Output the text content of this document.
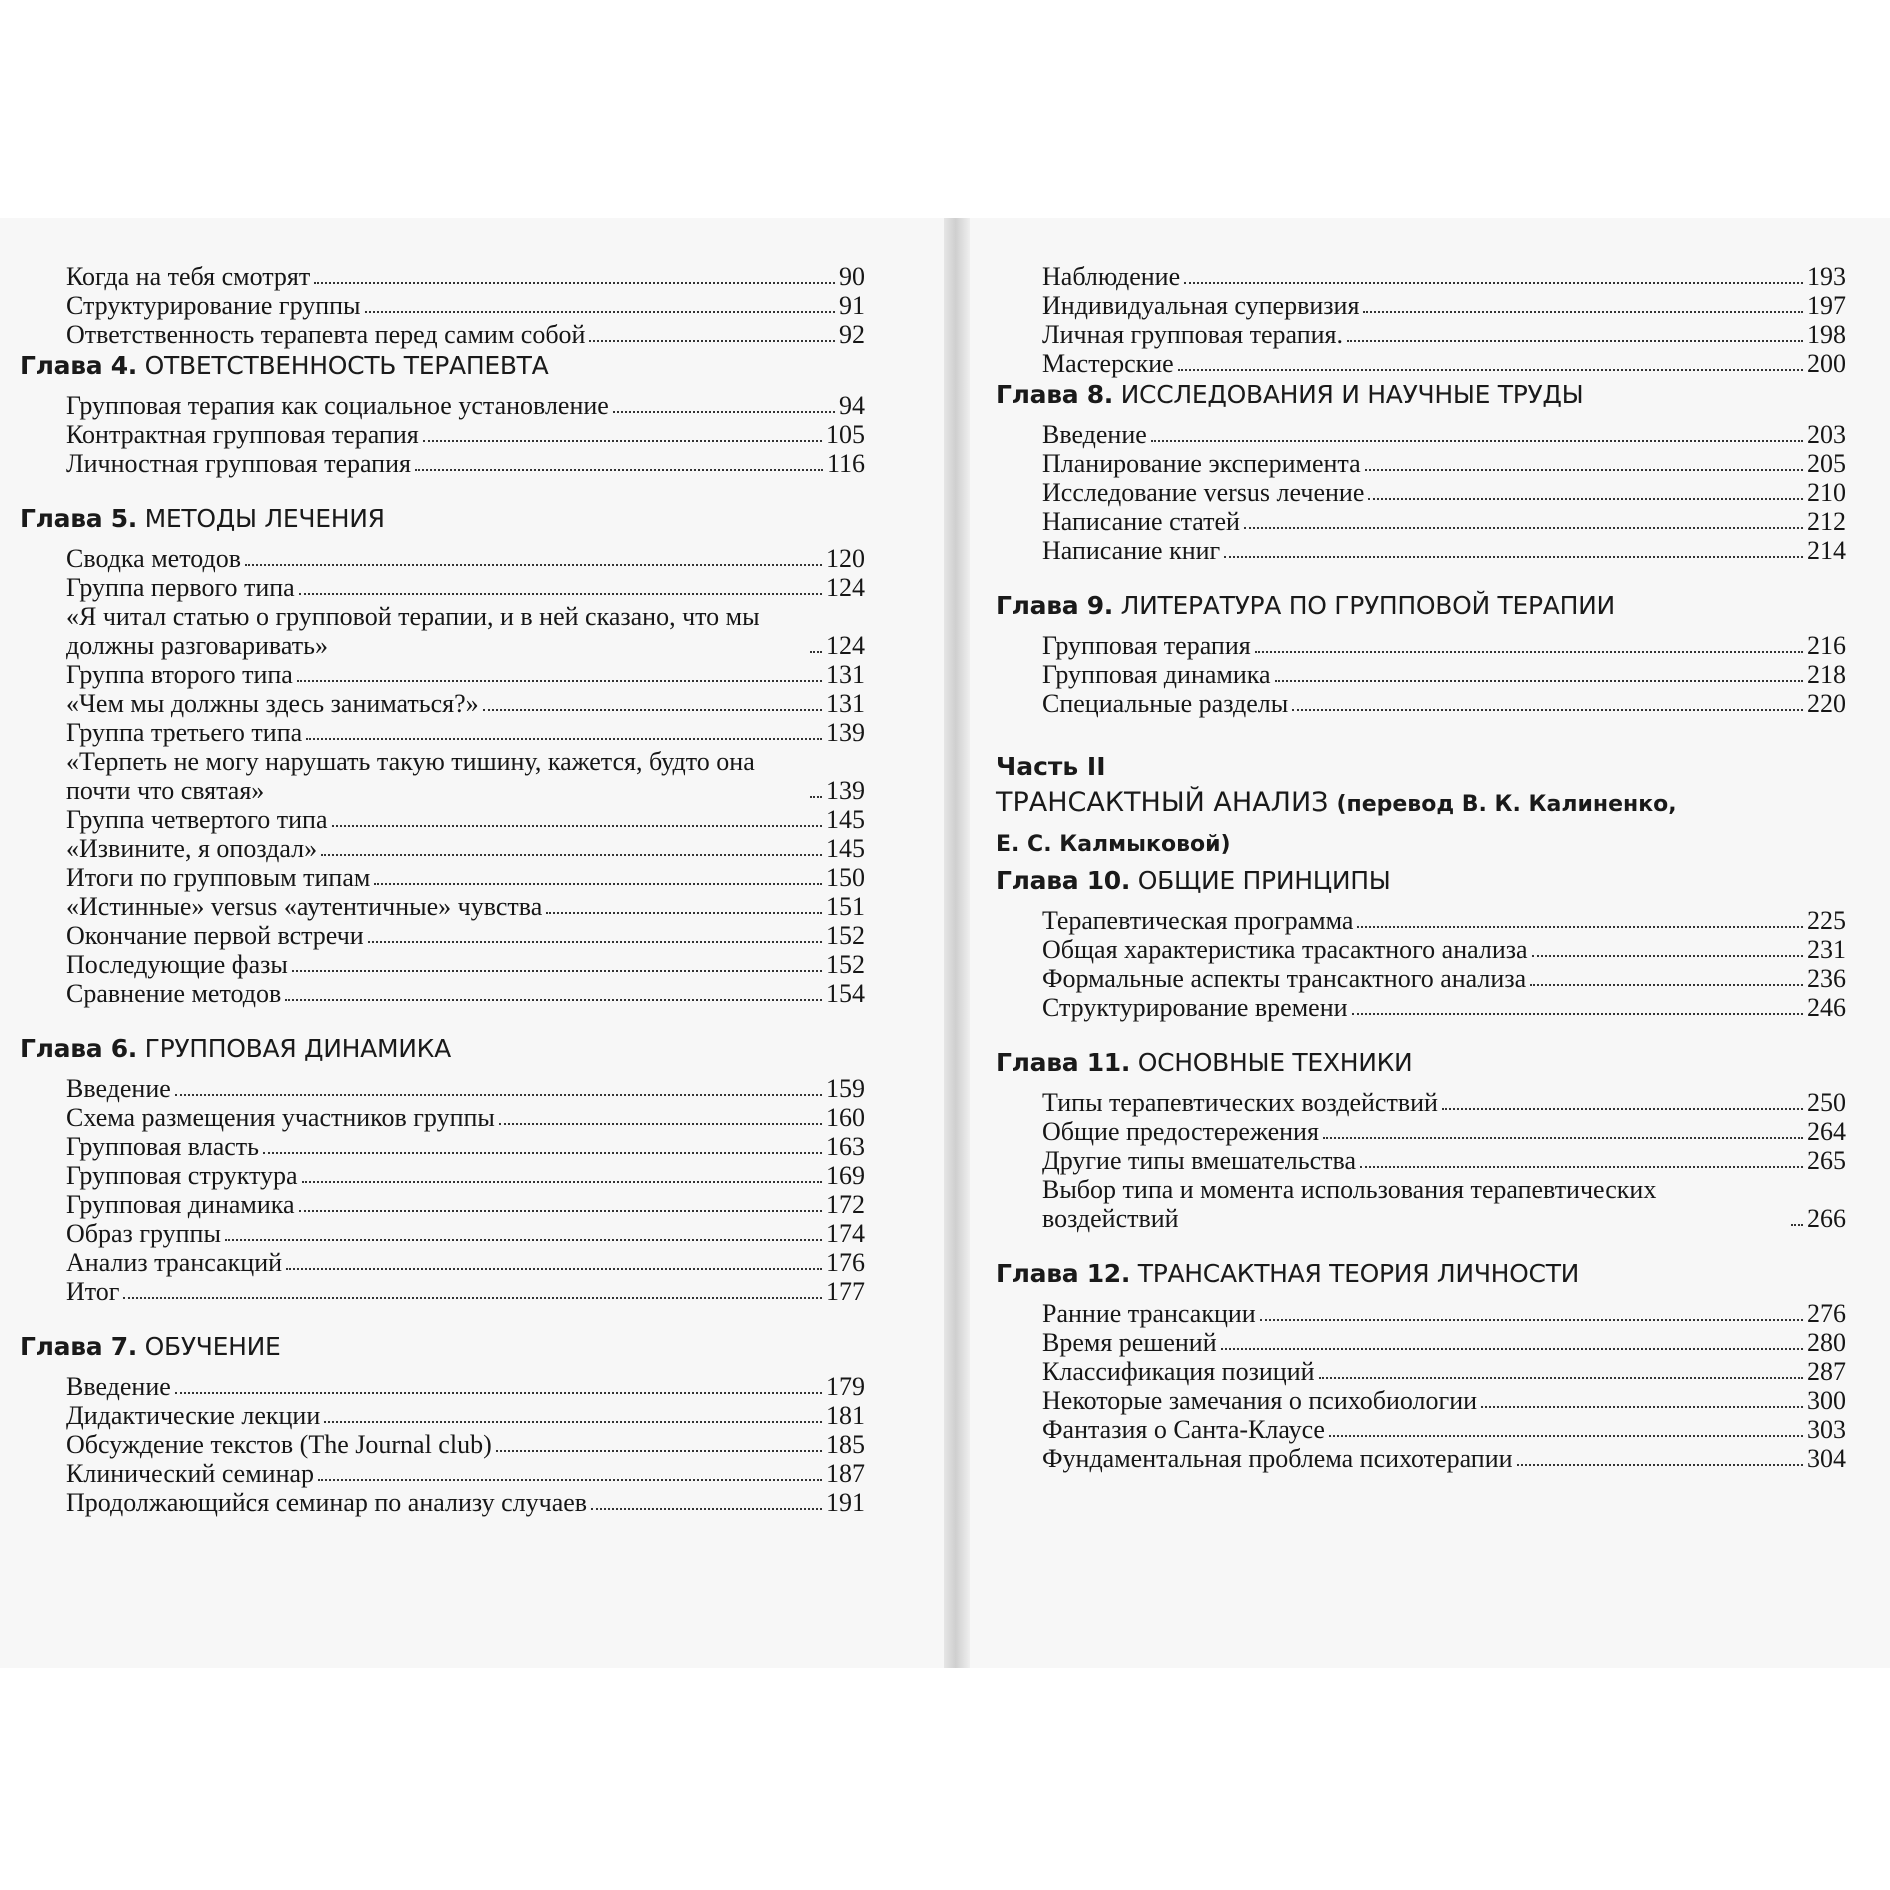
Когда на тебя смотрят	90
Структурирование группы	91
Ответственность терапевта перед самим собой	92
Глава 4. ОТВЕТСТВЕННОСТЬ ТЕРАПЕВТА
Групповая терапия как социальное установление	94
Контрактная групповая терапия	105
Личностная групповая терапия	116
Глава 5. МЕТОДЫ ЛЕЧЕНИЯ
Сводка методов	120
Группа первого типа	124
«Я читал статью о групповой терапии, и в ней сказано, что мы должны разговаривать»	124
Группа второго типа	131
«Чем мы должны здесь заниматься?»	131
Группа третьего типа	139
«Терпеть не могу нарушать такую тишину, кажется, будто она почти что святая»	139
Группа четвертого типа	145
«Извините, я опоздал»	145
Итоги по групповым типам	150
«Истинные» versus «аутентичные» чувства	151
Окончание первой встречи	152
Последующие фазы	152
Сравнение методов	154
Глава 6. ГРУППОВАЯ ДИНАМИКА
Введение	159
Схема размещения участников группы	160
Групповая власть	163
Групповая структура	169
Групповая динамика	172
Образ группы	174
Анализ трансакций	176
Итог	177
Глава 7. ОБУЧЕНИЕ
Введение	179
Дидактические лекции	181
Обсуждение текстов (The Journal club)	185
Клинический семинар	187
Продолжающийся семинар по анализу случаев	191
Наблюдение	193
Индивидуальная супервизия	197
Личная групповая терапия.	198
Мастерские	200
Глава 8. ИССЛЕДОВАНИЯ И НАУЧНЫЕ ТРУДЫ
Введение	203
Планирование эксперимента	205
Исследование versus лечение	210
Написание статей	212
Написание книг	214
Глава 9. ЛИТЕРАТУРА ПО ГРУППОВОЙ ТЕРАПИИ
Групповая терапия	216
Групповая динамика	218
Специальные разделы	220
Часть II
ТРАНСАКТНЫЙ АНАЛИЗ (перевод В. К. Калиненко,
Е. С. Калмыковой)
Глава 10. ОБЩИЕ ПРИНЦИПЫ
Терапевтическая программа	225
Общая характеристика трасактного анализа	231
Формальные аспекты трансактного анализа	236
Структурирование времени	246
Глава 11. ОСНОВНЫЕ ТЕХНИКИ
Типы терапевтических воздействий	250
Общие предостережения	264
Другие типы вмешательства	265
Выбор типа и момента использования терапевтических воздействий	266
Глава 12. ТРАНСАКТНАЯ ТЕОРИЯ ЛИЧНОСТИ
Ранние трансакции	276
Время решений	280
Классификация позиций	287
Некоторые замечания о психобиологии	300
Фантазия о Санта-Клаусе	303
Фундаментальная проблема психотерапии	304
